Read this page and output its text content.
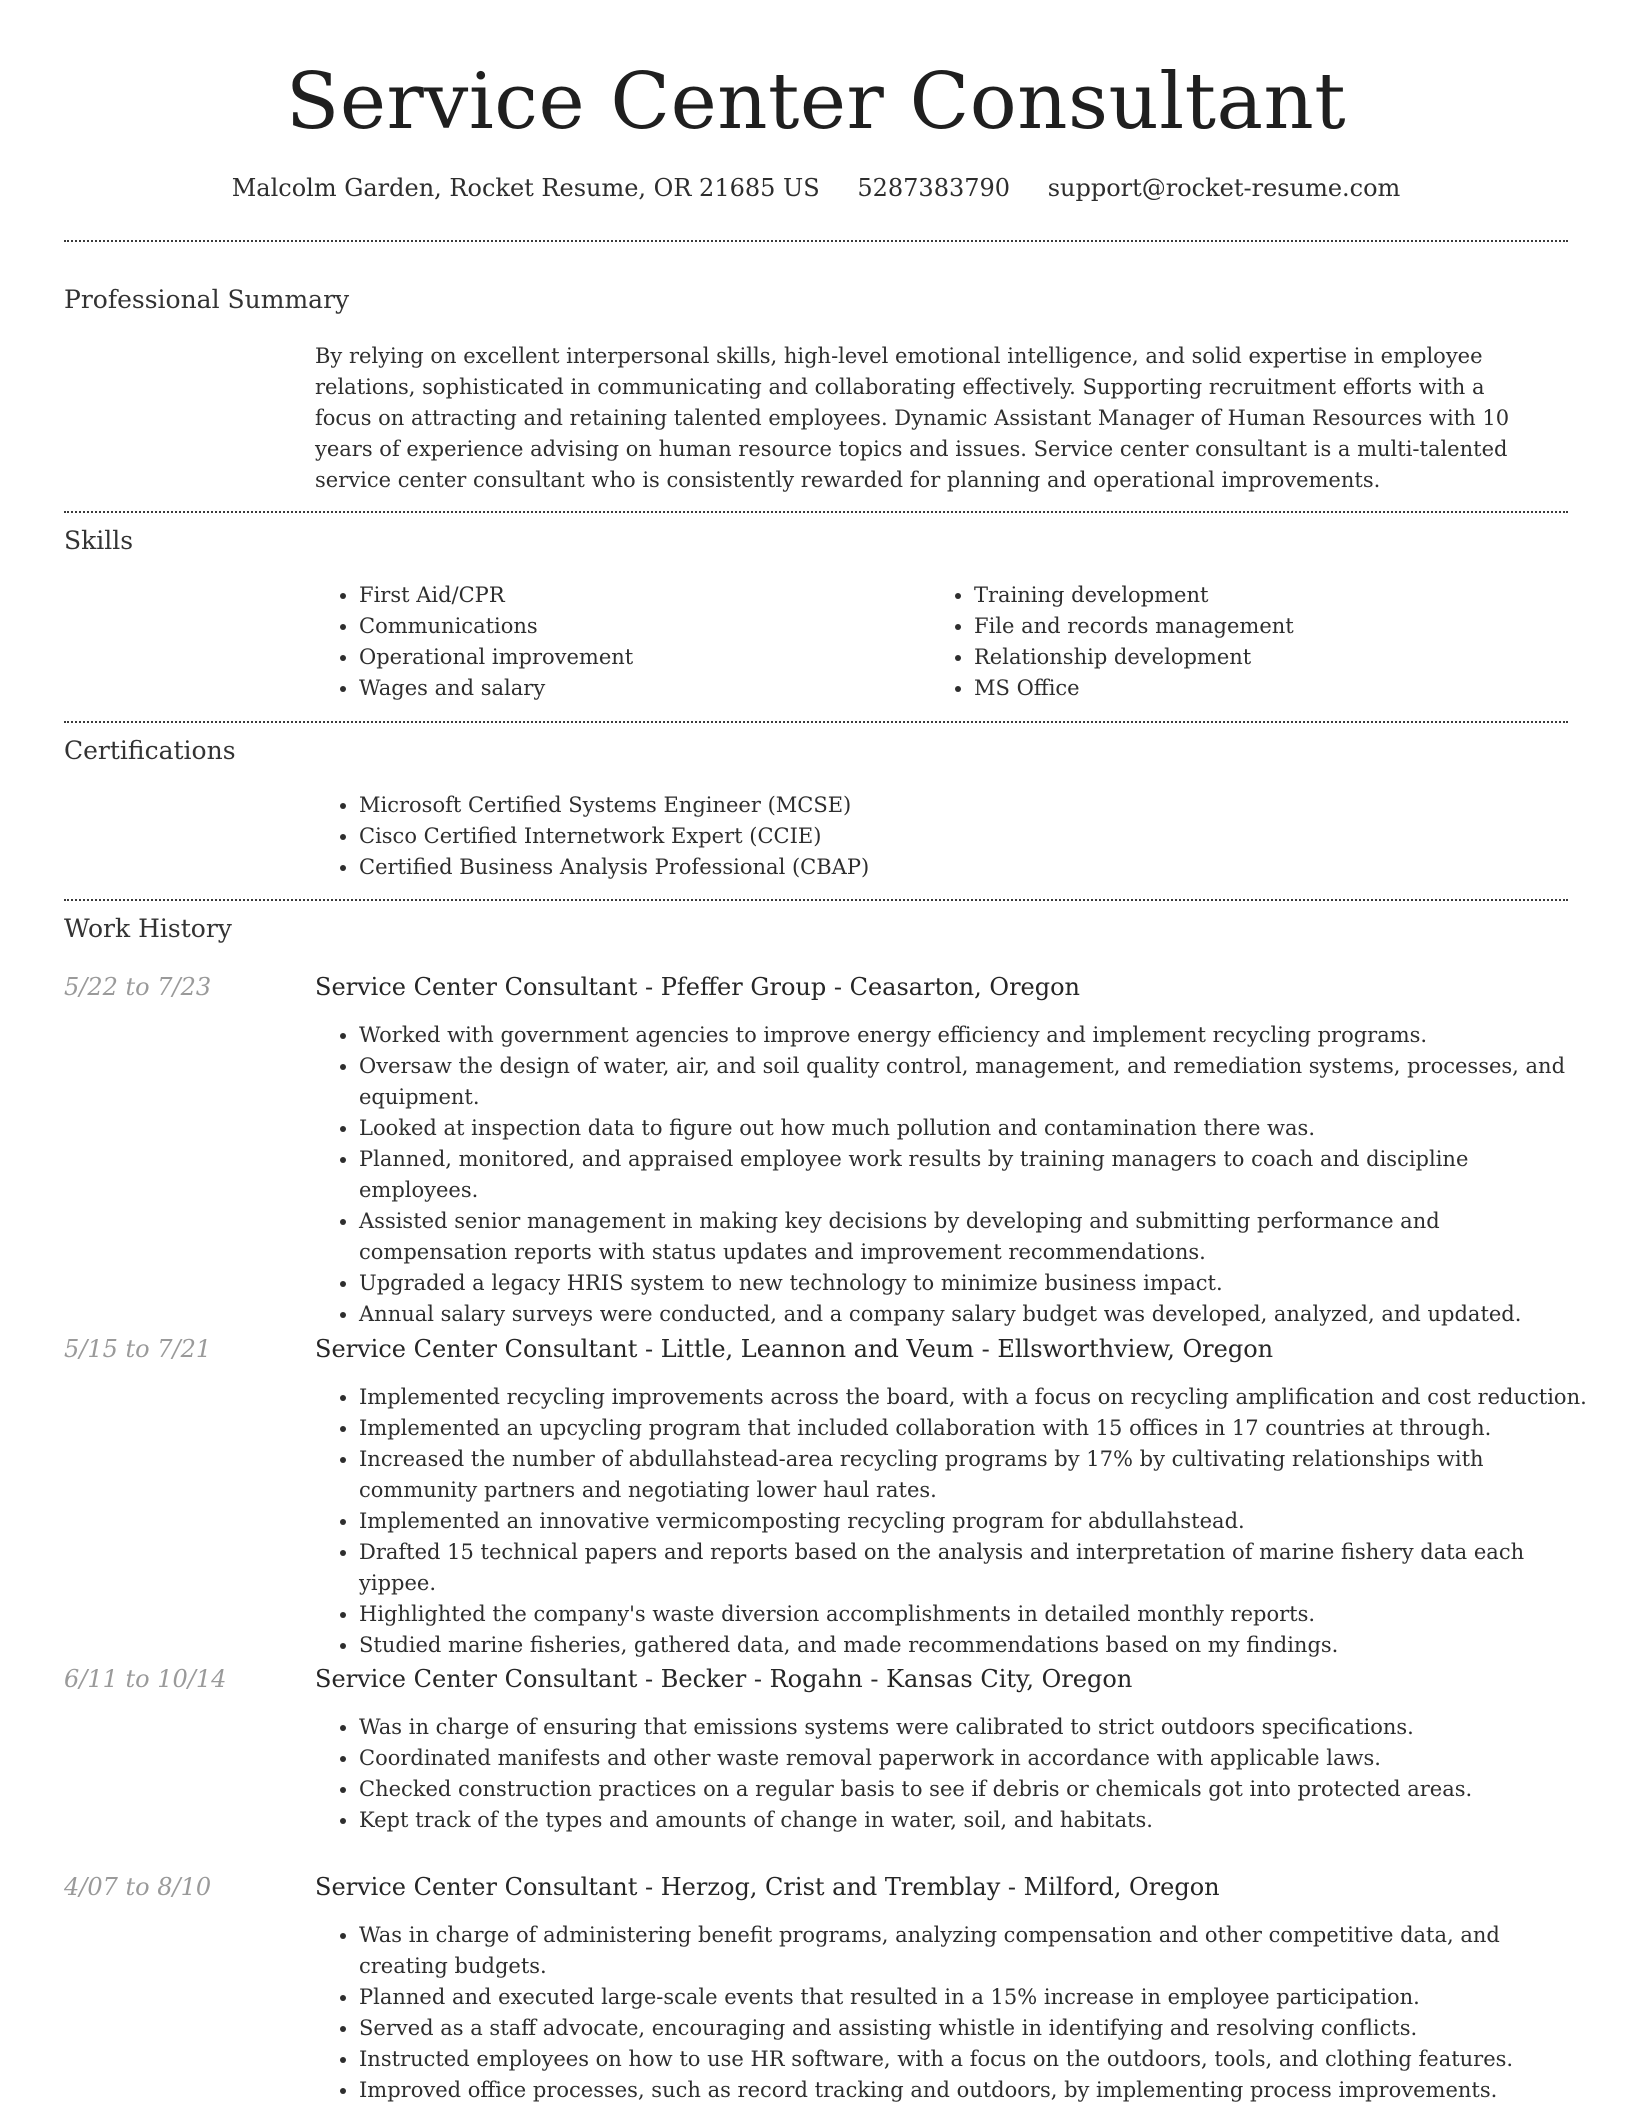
Service Center Consultant
Malcolm Garden, Rocket Resume, OR 21685 US 5287383790 support@rocket-resume.com
Professional Summary

By relying on excellent interpersonal skills, high-level emotional intelligence, and solid expertise in employee relations, sophisticated in communicating and collaborating effectively. Supporting recruitment efforts with a focus on attracting and retaining talented employees. Dynamic Assistant Manager of Human Resources with 10 years of experience advising on human resource topics and issues. Service center consultant is a multi-talented service center consultant who is consistently rewarded for planning and operational improvements.

Skills
• First Aid/CPR
• Communications
• Operational improvement
• Wages and salary
• Training development
• File and records management
• Relationship development
• MS Office
Certifications
• Microsoft Certified Systems Engineer (MCSE)
• Cisco Certified Internetwork Expert (CCIE)
• Certified Business Analysis Professional (CBAP)
Work History
5/22 to 7/23	Service Center Consultant - Pfeffer Group - Ceasarton, Oregon
• Worked with government agencies to improve energy efficiency and implement recycling programs.
• Oversaw the design of water, air, and soil quality control, management, and remediation systems, processes, and equipment.
• Looked at inspection data to figure out how much pollution and contamination there was.
• Planned, monitored, and appraised employee work results by training managers to coach and discipline employees.
• Assisted senior management in making key decisions by developing and submitting performance and compensation reports with status updates and improvement recommendations.
• Upgraded a legacy HRIS system to new technology to minimize business impact.
• Annual salary surveys were conducted, and a company salary budget was developed, analyzed, and updated.
5/15 to 7/21	Service Center Consultant - Little, Leannon and Veum - Ellsworthview, Oregon
• Implemented recycling improvements across the board, with a focus on recycling amplification and cost reduction.
• Implemented an upcycling program that included collaboration with 15 offices in 17 countries at through.
• Increased the number of abdullahstead-area recycling programs by 17% by cultivating relationships with community partners and negotiating lower haul rates.
• Implemented an innovative vermicomposting recycling program for abdullahstead.
• Drafted 15 technical papers and reports based on the analysis and interpretation of marine fishery data each yippee.
• Highlighted the company's waste diversion accomplishments in detailed monthly reports.
• Studied marine fisheries, gathered data, and made recommendations based on my findings.
6/11 to 10/14	Service Center Consultant - Becker - Rogahn - Kansas City, Oregon
• Was in charge of ensuring that emissions systems were calibrated to strict outdoors specifications.
• Coordinated manifests and other waste removal paperwork in accordance with applicable laws.
• Checked construction practices on a regular basis to see if debris or chemicals got into protected areas.
• Kept track of the types and amounts of change in water, soil, and habitats.
4/07 to 8/10	Service Center Consultant - Herzog, Crist and Tremblay - Milford, Oregon
• Was in charge of administering benefit programs, analyzing compensation and other competitive data, and creating budgets.
• Planned and executed large-scale events that resulted in a 15% increase in employee participation.
• Served as a staff advocate, encouraging and assisting whistle in identifying and resolving conflicts.
• Instructed employees on how to use HR software, with a focus on the outdoors, tools, and clothing features.
• Improved office processes, such as record tracking and outdoors, by implementing process improvements.
